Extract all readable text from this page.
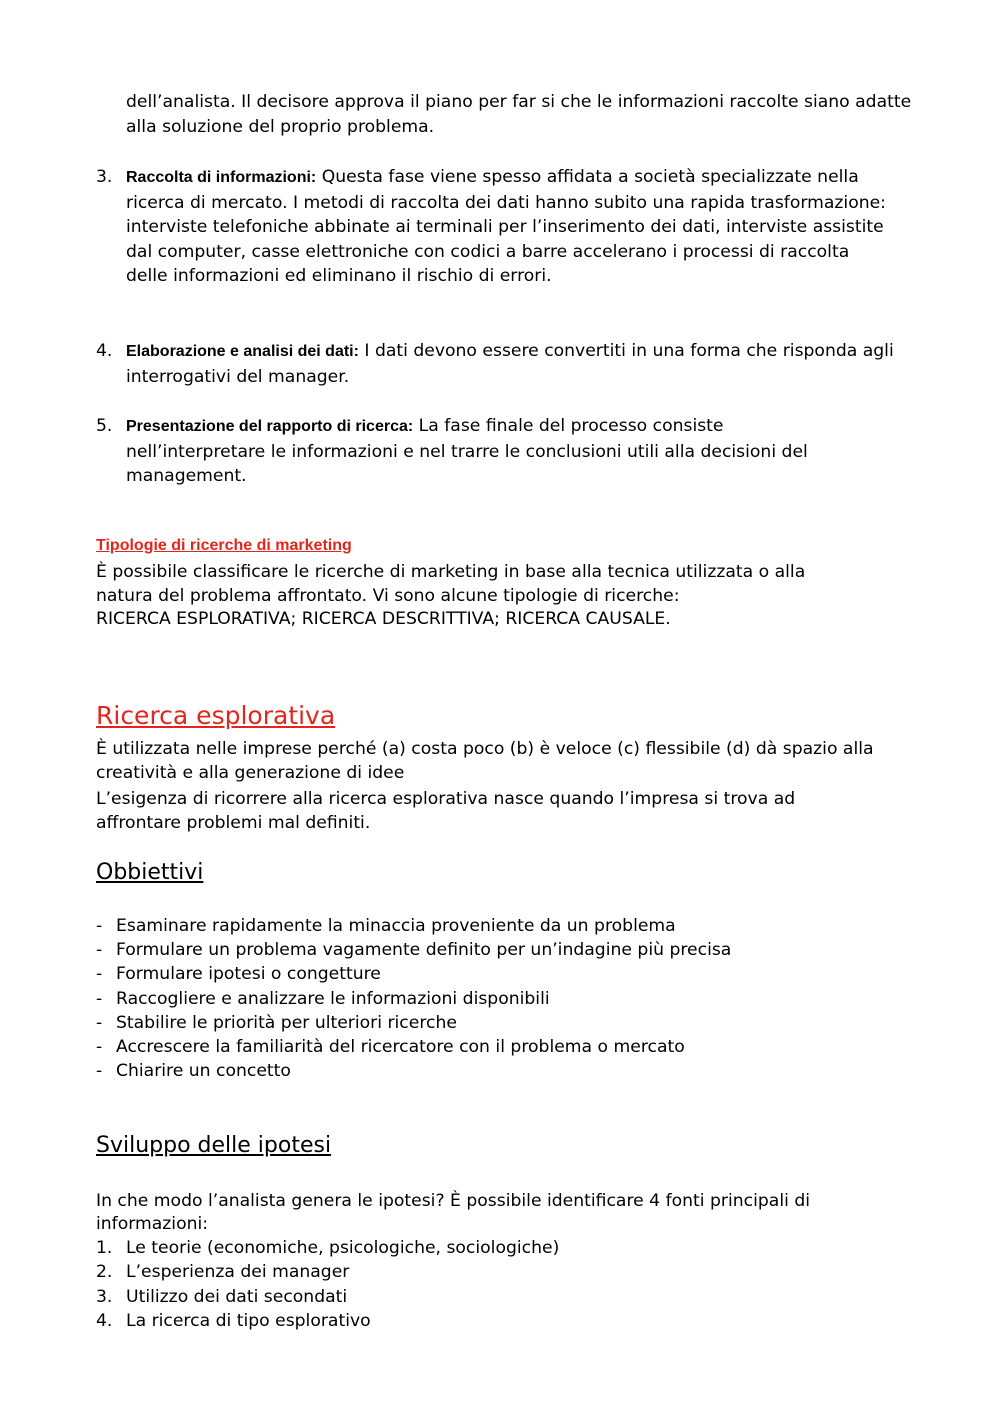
dell’analista. Il decisore approva il piano per far si che le informazioni raccolte siano adatte alla soluzione del proprio problema.
3. Raccolta di informazioni: Questa fase viene spesso affidata a società specializzate nella ricerca di mercato. I metodi di raccolta dei dati hanno subito una rapida trasformazione: interviste telefoniche abbinate ai terminali per l’inserimento dei dati, interviste assistite dal computer, casse elettroniche con codici a barre accelerano i processi di raccolta delle informazioni ed eliminano il rischio di errori.
4. Elaborazione e analisi dei dati: I dati devono essere convertiti in una forma che risponda agli interrogativi del manager.
5. Presentazione del rapporto di ricerca: La fase finale del processo consiste nell’interpretare le informazioni e nel trarre le conclusioni utili alla decisioni del management.
Tipologie di ricerche di marketing
È possibile classificare le ricerche di marketing in base alla tecnica utilizzata o alla natura del problema affrontato. Vi sono alcune tipologie di ricerche:
RICERCA ESPLORATIVA; RICERCA DESCRITTIVA; RICERCA CAUSALE.
Ricerca esplorativa
È utilizzata nelle imprese perché (a) costa poco (b) è veloce (c) flessibile (d) dà spazio alla creatività e alla generazione di idee
L’esigenza di ricorrere alla ricerca esplorativa nasce quando l’impresa si trova ad affrontare problemi mal definiti.
Obbiettivi
- Esaminare rapidamente la minaccia proveniente da un problema
- Formulare un problema vagamente definito per un’indagine più precisa
- Formulare ipotesi o congetture
- Raccogliere e analizzare le informazioni disponibili
- Stabilire le priorità per ulteriori ricerche
- Accrescere la familiarità del ricercatore con il problema o mercato
- Chiarire un concetto
Sviluppo delle ipotesi
In che modo l’analista genera le ipotesi? È possibile identificare 4 fonti principali di informazioni:
1. Le teorie (economiche, psicologiche, sociologiche)
2. L’esperienza dei manager
3. Utilizzo dei dati secondati
4. La ricerca di tipo esplorativo
